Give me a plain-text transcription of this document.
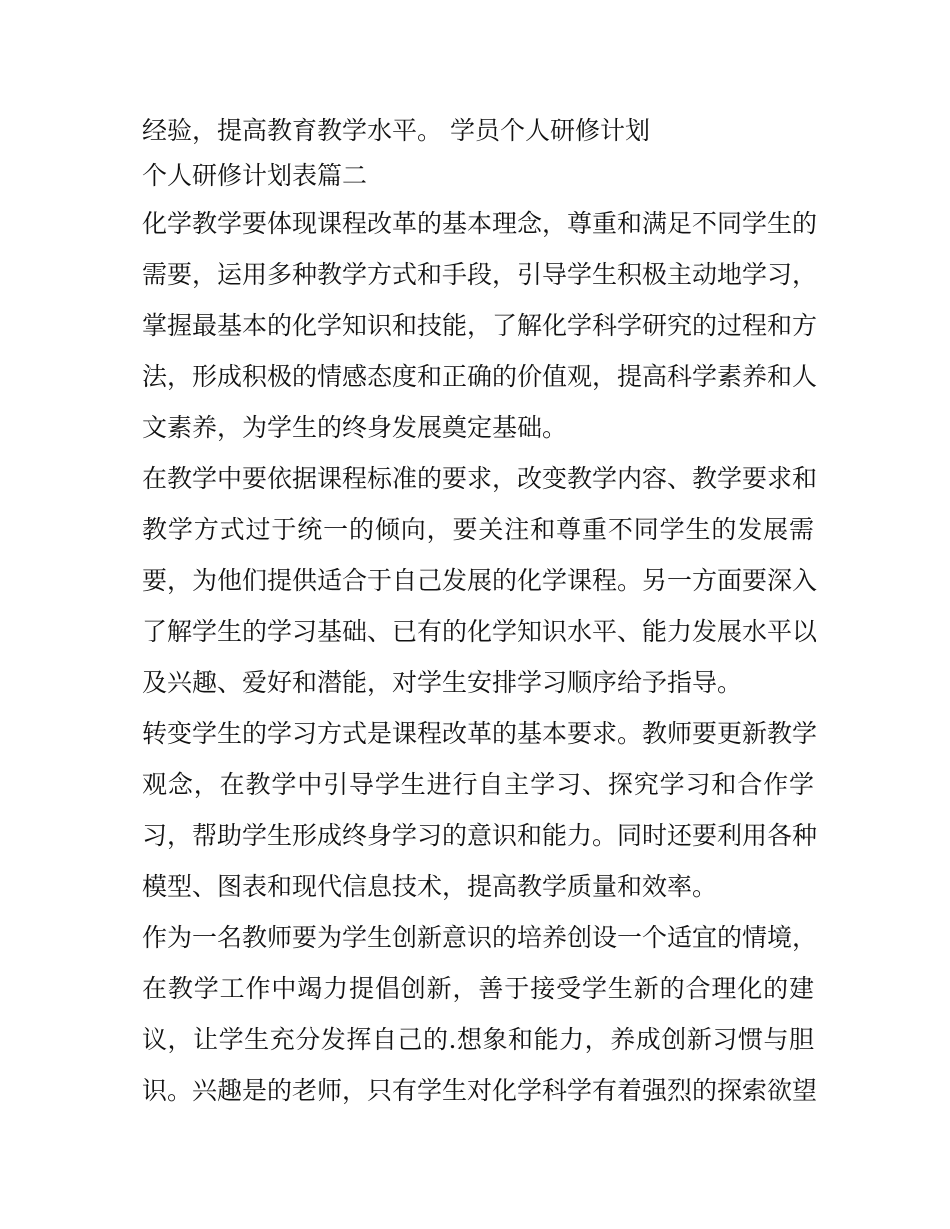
经验，提高教育教学水平。 学员个人研修计划
个人研修计划表篇二
化学教学要体现课程改革的基本理念，尊重和满足不同学生的
需要，运用多种教学方式和手段，引导学生积极主动地学习，
掌握最基本的化学知识和技能，了解化学科学研究的过程和方
法，形成积极的情感态度和正确的价值观，提高科学素养和人
文素养，为学生的终身发展奠定基础。
在教学中要依据课程标准的要求，改变教学内容、教学要求和
教学方式过于统一的倾向，要关注和尊重不同学生的发展需
要，为他们提供适合于自己发展的化学课程。另一方面要深入
了解学生的学习基础、已有的化学知识水平、能力发展水平以
及兴趣、爱好和潜能，对学生安排学习顺序给予指导。
转变学生的学习方式是课程改革的基本要求。教师要更新教学
观念，在教学中引导学生进行自主学习、探究学习和合作学
习，帮助学生形成终身学习的意识和能力。同时还要利用各种
模型、图表和现代信息技术，提高教学质量和效率。
作为一名教师要为学生创新意识的培养创设一个适宜的情境，
在教学工作中竭力提倡创新，善于接受学生新的合理化的建
议，让学生充分发挥自己的.想象和能力，养成创新习惯与胆
识。兴趣是的老师，只有学生对化学科学有着强烈的探索欲望
